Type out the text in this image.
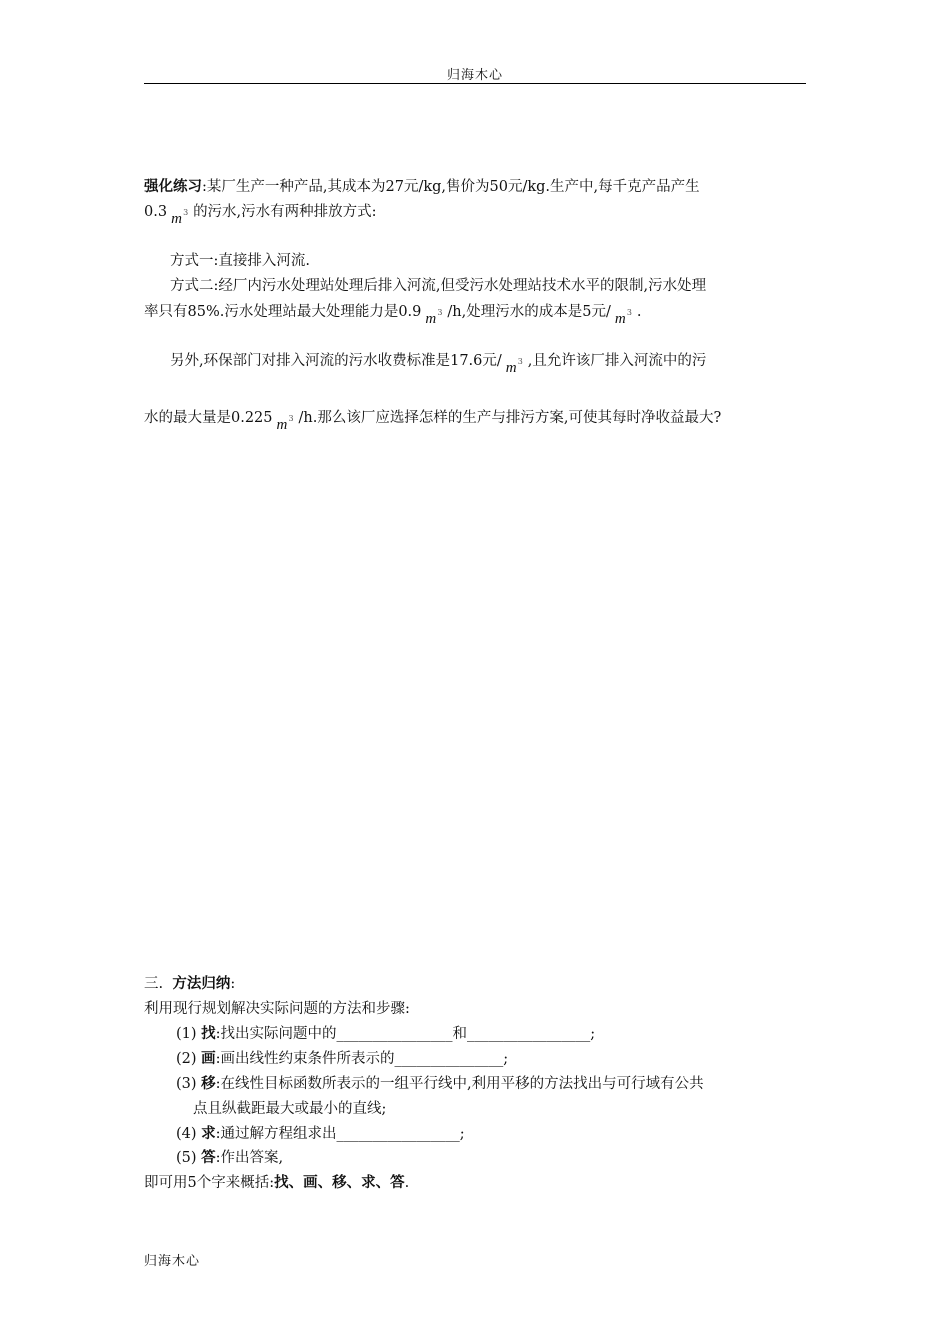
归海木心
强化练习:某厂生产一种产品,其成本为27元/kg,售价为50元/kg.生产中,每千克产品产生
0.3 m 3 的污水,污水有两种排放方式:
方式一:直接排入河流.
方式二:经厂内污水处理站处理后排入河流,但受污水处理站技术水平的限制,污水处理
率只有85%.污水处理站最大处理能力是0.9 m 3 /h,处理污水的成本是5元/ m 3 .
另外,环保部门对排入河流的污水收费标准是17.6元/ m 3 ,且允许该厂排入河流中的污
水的最大量是0.225 m 3 /h.那么该厂应选择怎样的生产与排污方案,可使其每时净收益最大?
三. 方法归纳:
利用现行规划解决实际问题的方法和步骤:
(1) 找:找出实际问题中的________________和_________________;
(2) 画:画出线性约束条件所表示的_______________;
(3) 移:在线性目标函数所表示的一组平行线中,利用平移的方法找出与可行域有公共
点且纵截距最大或最小的直线;
(4) 求:通过解方程组求出_________________;
(5) 答:作出答案,
即可用5个字来概括:找、画、移、求、答.
归海木心
